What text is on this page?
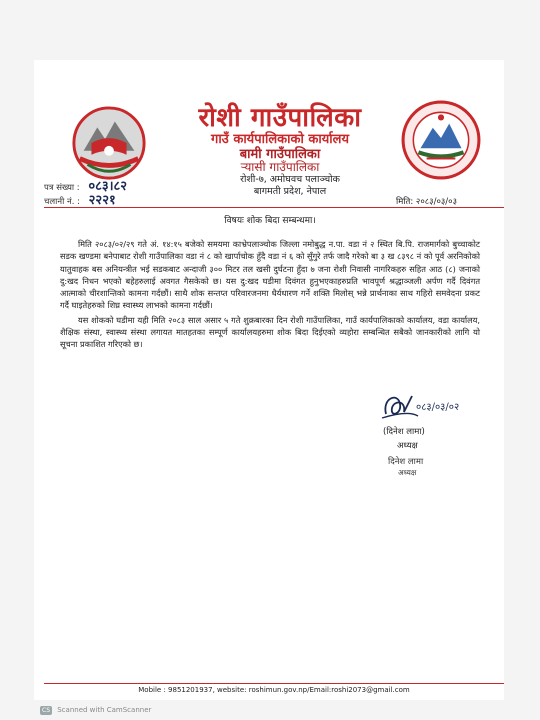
रोशी गाउँपालिका
गाउँ कार्यपालिकाको कार्यालय
बामी गाउँपालिका
र्‍यासी गाउँपालिका
रोशी-७, अमोघवच पलाञ्चोक
बागमती प्रदेश, नेपाल
पत्र संख्या : ०८३।८२
चलानी नं. : २२२१	मिति: २०८३/०३/०३
विषयः शोक बिदा सम्बन्धमा।

मिति २०८३/०२/२९ गते अं. १४:१५ बजेको समयमा काभ्रेपलाञ्चोक जिल्ला नमोबुद्ध न.पा. वडा नं २ स्थित बि.पि. राजमार्गको बुच्चाकोट सडक खण्डमा बनेपाबाट रोशी गाउँपालिका वडा नं ८ को खार्पाचोक हुँदै वडा नं ६ को सुँगुरे तर्फ जादै गरेको बा ३ ख ८३९८ नं को पूर्व अरनिकोको यातुवाहक बस अनियन्त्रीत भई सडकबाट अन्दाजी ३०० मिटर तल खसी दुर्घटना हुँदा ७ जना रोशी निवासी नागरिकहरु सहित आठ (८) जनाको दु:खद निधन भएको बहेहरुलाई अवगत गैसकेको छ। यस दु:खद घडीमा दिवंगत हुनुभएकाहरुप्रति भावपूर्ण श्रद्धाञ्जली अर्पण गर्दै दिवंगत आत्माको चीरशान्तिको कामना गर्दछौं। साथै शोक सन्तप्त परिवारजनमा धैर्यधारण गर्ने शक्ति मिलोस् भन्ने प्रार्थनाका साथ गहिरो समवेदना प्रकट गर्दै घाइतेहरुको शिघ्र स्वास्थ्य लाभको कामना गर्दछौं।

यस शोकको घडीमा यही मिति २०८३ साल असार ५ गते शुक्रबारका दिन रोशी गाउँपालिका, गाउँ कार्यपालिकाको कार्यालय, वडा कार्यालय, शैक्षिक संस्था, स्वास्थ्य संस्था लगायत मातहतका सम्पूर्ण कार्यालयहरुमा शोक बिदा दिईएको व्यहोरा सम्बन्धित सबैको जानकारीको लागि यो सूचना प्रकाशित गरिएको छ।

०८३/०३/०२
(दिनेश लामा)
अध्यक्ष
दिनेश लामा
अध्यक्ष
Mobile : 9851201937, website: roshimun.gov.np/Email:roshi2073@gmail.com
CS Scanned with CamScanner
